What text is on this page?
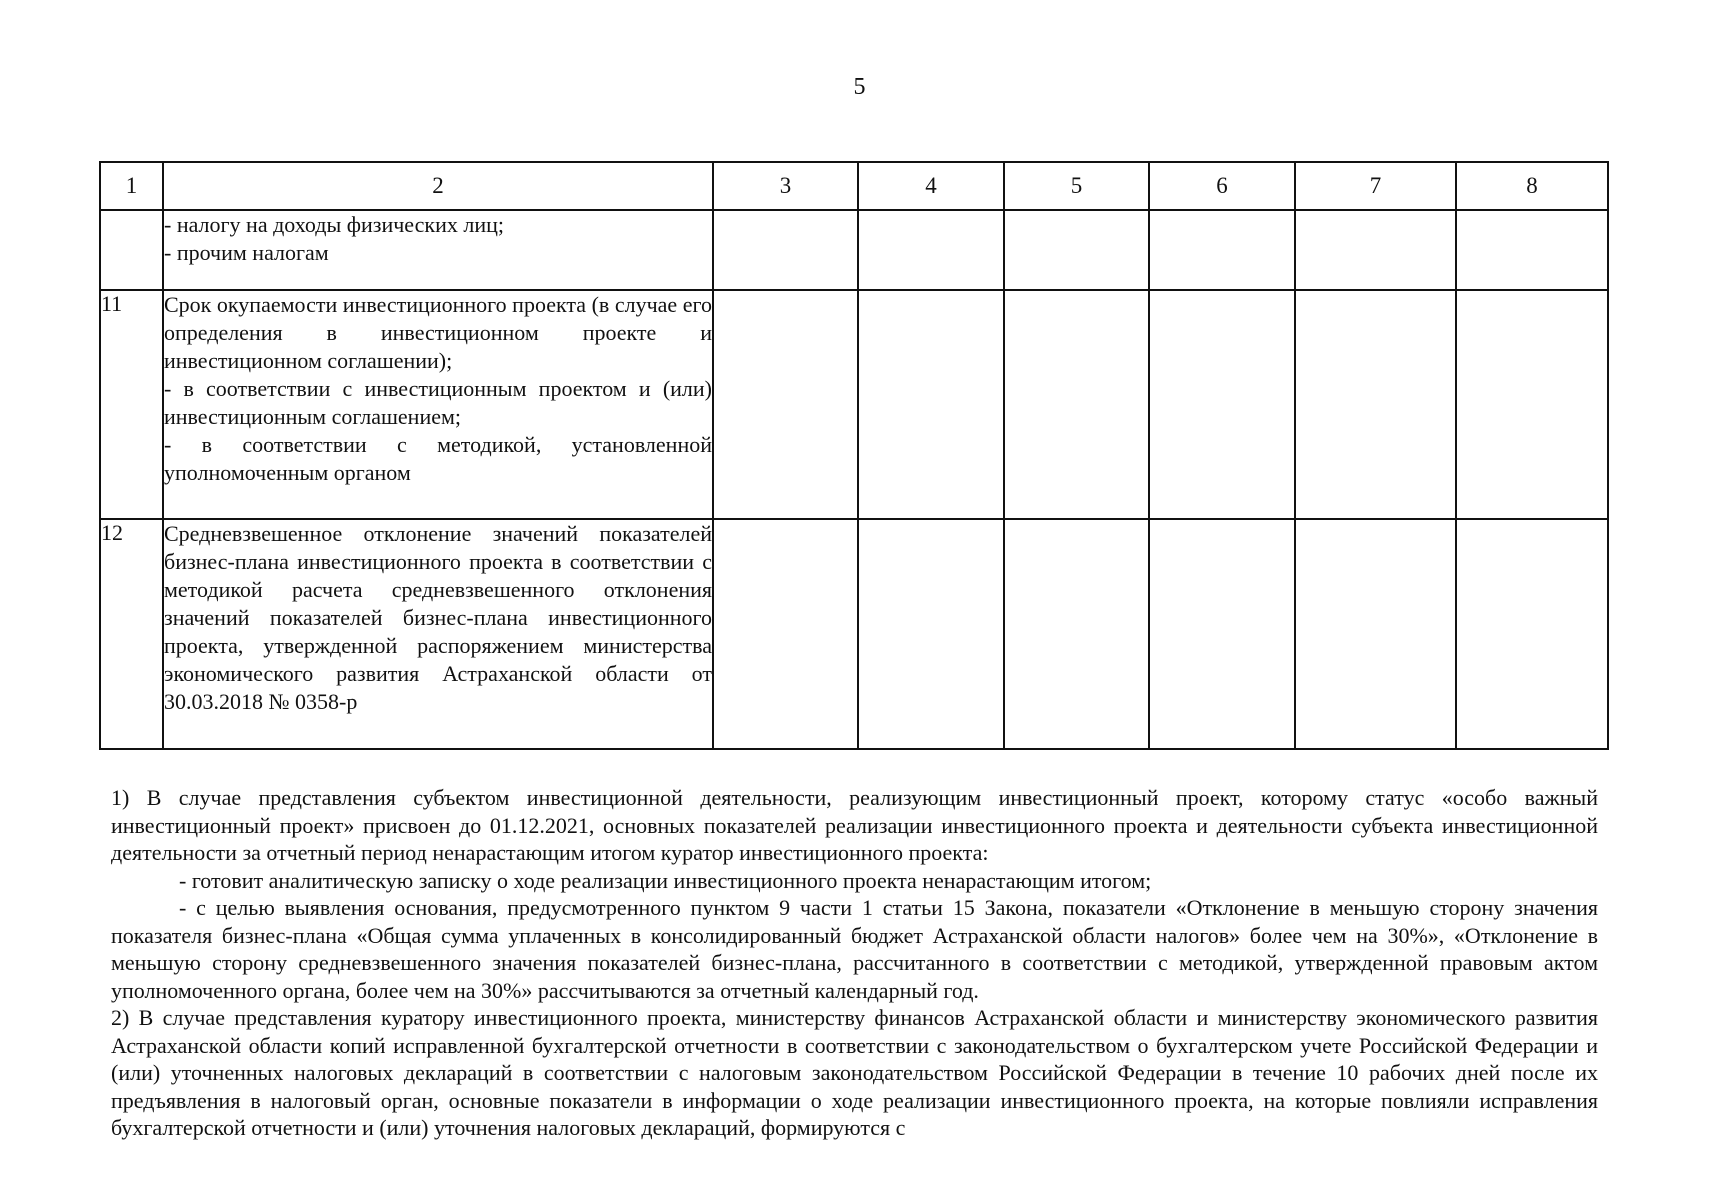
5
1	2	3	4	5	6	7	8

	- налогу на доходы физических лиц;
- прочим налогам						

11	Срок окупаемости инвестиционного проекта (в случае его определения в инвестиционном проекте и инвестиционном соглашении);
- в соответствии с инвестиционным проектом и (или) инвестиционным соглашением;
- в соответствии с методикой, установленной уполномоченным органом						

12	Средневзвешенное отклонение значений показателей бизнес-плана инвестиционного проекта в соответствии с методикой расчета средневзвешенного отклонения значений показателей бизнес-плана инвестиционного проекта, утвержденной распоряжением министерства экономического развития Астраханской области от 30.03.2018 № 0358-р						

1) В случае представления субъектом инвестиционной деятельности, реализующим инвестиционный проект, которому статус «особо важный инвестиционный проект» присвоен до 01.12.2021, основных показателей реализации инвестиционного проекта и деятельности субъекта инвестиционной деятельности за отчетный период ненарастающим итогом куратор инвестиционного проекта:

- готовит аналитическую записку о ходе реализации инвестиционного проекта ненарастающим итогом;

- с целью выявления основания, предусмотренного пунктом 9 части 1 статьи 15 Закона, показатели «Отклонение в меньшую сторону значения показателя бизнес-плана «Общая сумма уплаченных в консолидированный бюджет Астраханской области налогов» более чем на 30%», «Отклонение в меньшую сторону средневзвешенного значения показателей бизнес-плана, рассчитанного в соответствии с методикой, утвержденной правовым актом уполномоченного органа, более чем на 30%» рассчитываются за отчетный календарный год.

2) В случае представления куратору инвестиционного проекта, министерству финансов Астраханской области и министерству экономического развития Астраханской области копий исправленной бухгалтерской отчетности в соответствии с законодательством о бухгалтерском учете Российской Федерации и (или) уточненных налоговых деклараций в соответствии с налоговым законодательством Российской Федерации в течение 10 рабочих дней после их предъявления в налоговый орган, основные показатели в информации о ходе реализации инвестиционного проекта, на которые повлияли исправления бухгалтерской отчетности и (или) уточнения налоговых деклараций, формируются с
